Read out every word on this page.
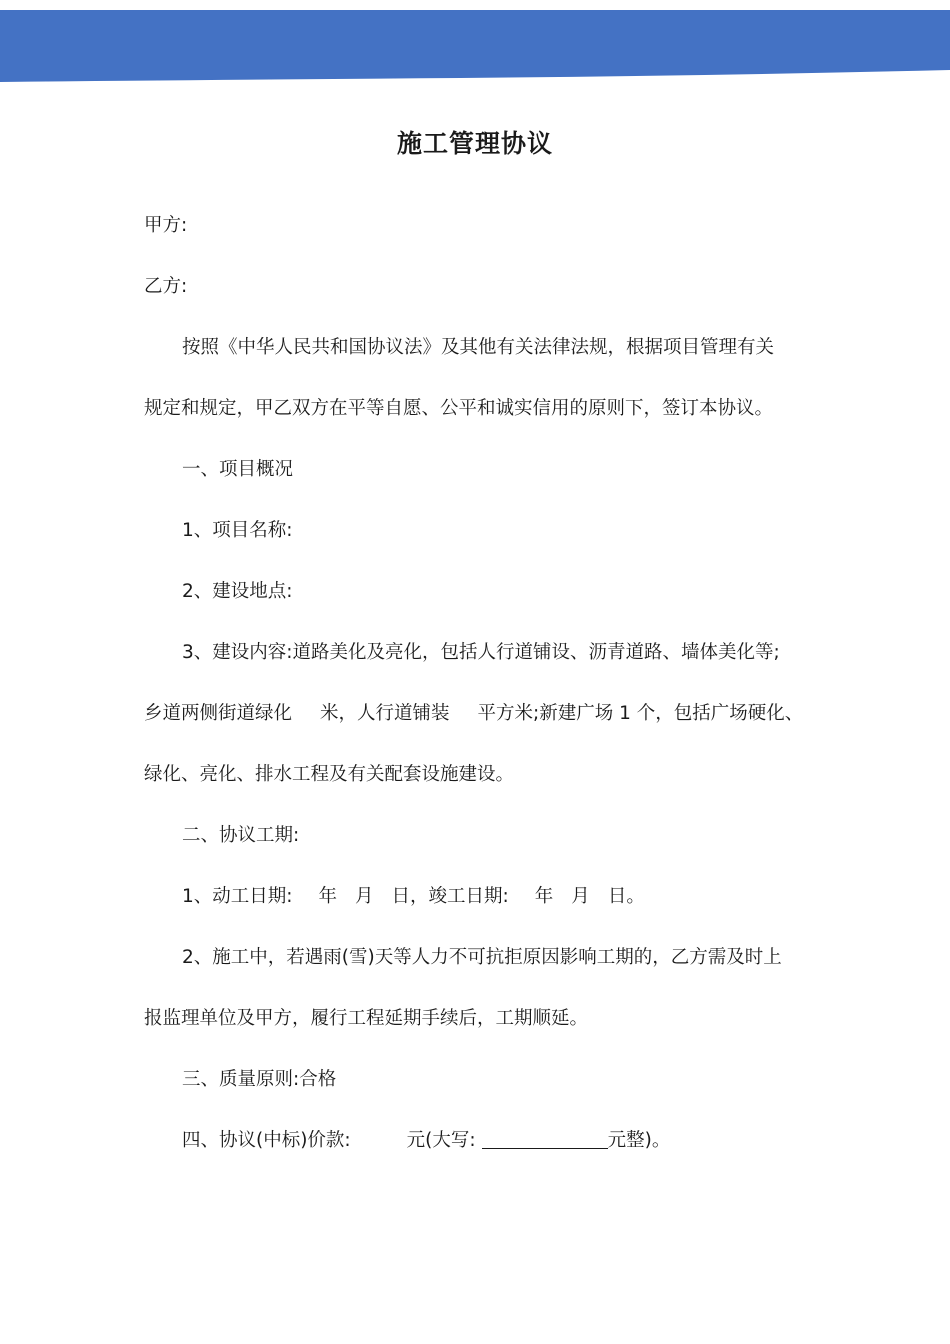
施工管理协议
甲方:
乙方:
按照《中华人民共和国协议法》及其他有关法律法规，根据项目管理有关
规定和规定，甲乙双方在平等自愿、公平和诚实信用的原则下，签订本协议。
一、项目概况
1、项目名称:
2、建设地点:
3、建设内容:道路美化及亮化，包括人行道铺设、沥青道路、墙体美化等;
乡道两侧街道绿化 米，人行道铺装 平方米;新建广场 1 个，包括广场硬化、
绿化、亮化、排水工程及有关配套设施建设。
二、协议工期:
1、动工日期: 年 月 日，竣工日期: 年 月 日。
2、施工中，若遇雨(雪)天等人力不可抗拒原因影响工期的，乙方需及时上
报监理单位及甲方，履行工程延期手续后，工期顺延。
三、质量原则:合格
四、协议(中标)价款:	元(大写:	元整)。
